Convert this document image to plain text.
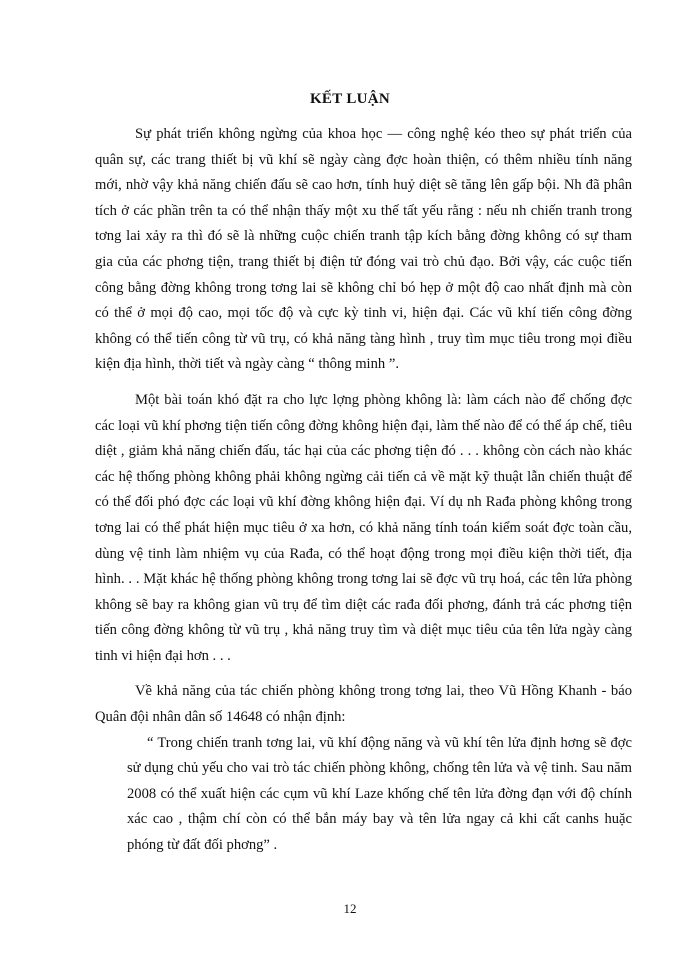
KẾT LUẬN

Sự phát triển không ngừng của khoa học — công nghệ kéo theo sự phát triển của quân sự, các trang thiết bị vũ khí sẽ ngày càng đợc hoàn thiện, có thêm nhiều tính năng mới, nhờ vậy khả năng chiến đấu sẽ cao hơn, tính huỷ diệt sẽ tăng lên gấp bội. Nh đã phân tích ở các phần trên ta có thể nhận thấy một xu thế tất yếu rằng : nếu nh chiến tranh trong tơng lai xảy ra thì đó sẽ là những cuộc chiến tranh tập kích bằng đờng không có sự tham gia của các phơng tiện, trang thiết bị điện tử đóng vai trò chủ đạo. Bởi vậy, các cuộc tiến công bằng đờng không trong tơng lai sẽ không chỉ bó hẹp ở một độ cao nhất định mà còn có thể ở mọi độ cao, mọi tốc độ và cực kỳ tinh vi, hiện đại. Các vũ khí tiến công đờng không có thể tiến công từ vũ trụ, có khả năng tàng hình , truy tìm mục tiêu trong mọi điều kiện địa hình, thời tiết và ngày càng “ thông minh ”.

Một bài toán khó đặt ra cho lực lợng phòng không là: làm cách nào để chống đợc các loại vũ khí phơng tiện tiến công đờng không hiện đại, làm thế nào để có thể áp chế, tiêu diệt , giảm khả năng chiến đấu, tác hại của các phơng tiện đó . . . không còn cách nào khác các hệ thống phòng không phải không ngừng cải tiến cả về mặt kỹ thuật lẫn chiến thuật để có thể đối phó đợc các loại vũ khí đờng không hiện đại. Ví dụ nh Rađa phòng không trong tơng lai có thể phát hiện mục tiêu ở xa hơn, có khả năng tính toán kiểm soát đợc toàn cầu, dùng vệ tinh làm nhiệm vụ của Rađa, có thể hoạt động trong mọi điều kiện thời tiết, địa hình. . . Mặt khác hệ thống phòng không trong tơng lai sẽ đợc vũ trụ hoá, các tên lửa phòng không sẽ bay ra không gian vũ trụ để tìm diệt các rađa đối phơng, đánh trả các phơng tiện tiến công đờng không từ vũ trụ , khả năng truy tìm và diệt mục tiêu của tên lửa ngày càng tinh vi hiện đại hơn . . .

Về khả năng của tác chiến phòng không trong tơng lai, theo Vũ Hồng Khanh - báo Quân đội nhân dân số 14648 có nhận định:

“ Trong chiến tranh tơng lai, vũ khí động năng và vũ khí tên lửa định hơng sẽ đợc sử dụng chủ yếu cho vai trò tác chiến phòng không, chống tên lửa và vệ tinh. Sau năm 2008 có thể xuất hiện các cụm vũ khí Laze khống chế tên lửa đờng đạn với độ chính xác cao , thậm chí còn có thể bắn máy bay và tên lửa ngay cả khi cất canhs huặc phóng từ đất đối phơng” .

12
